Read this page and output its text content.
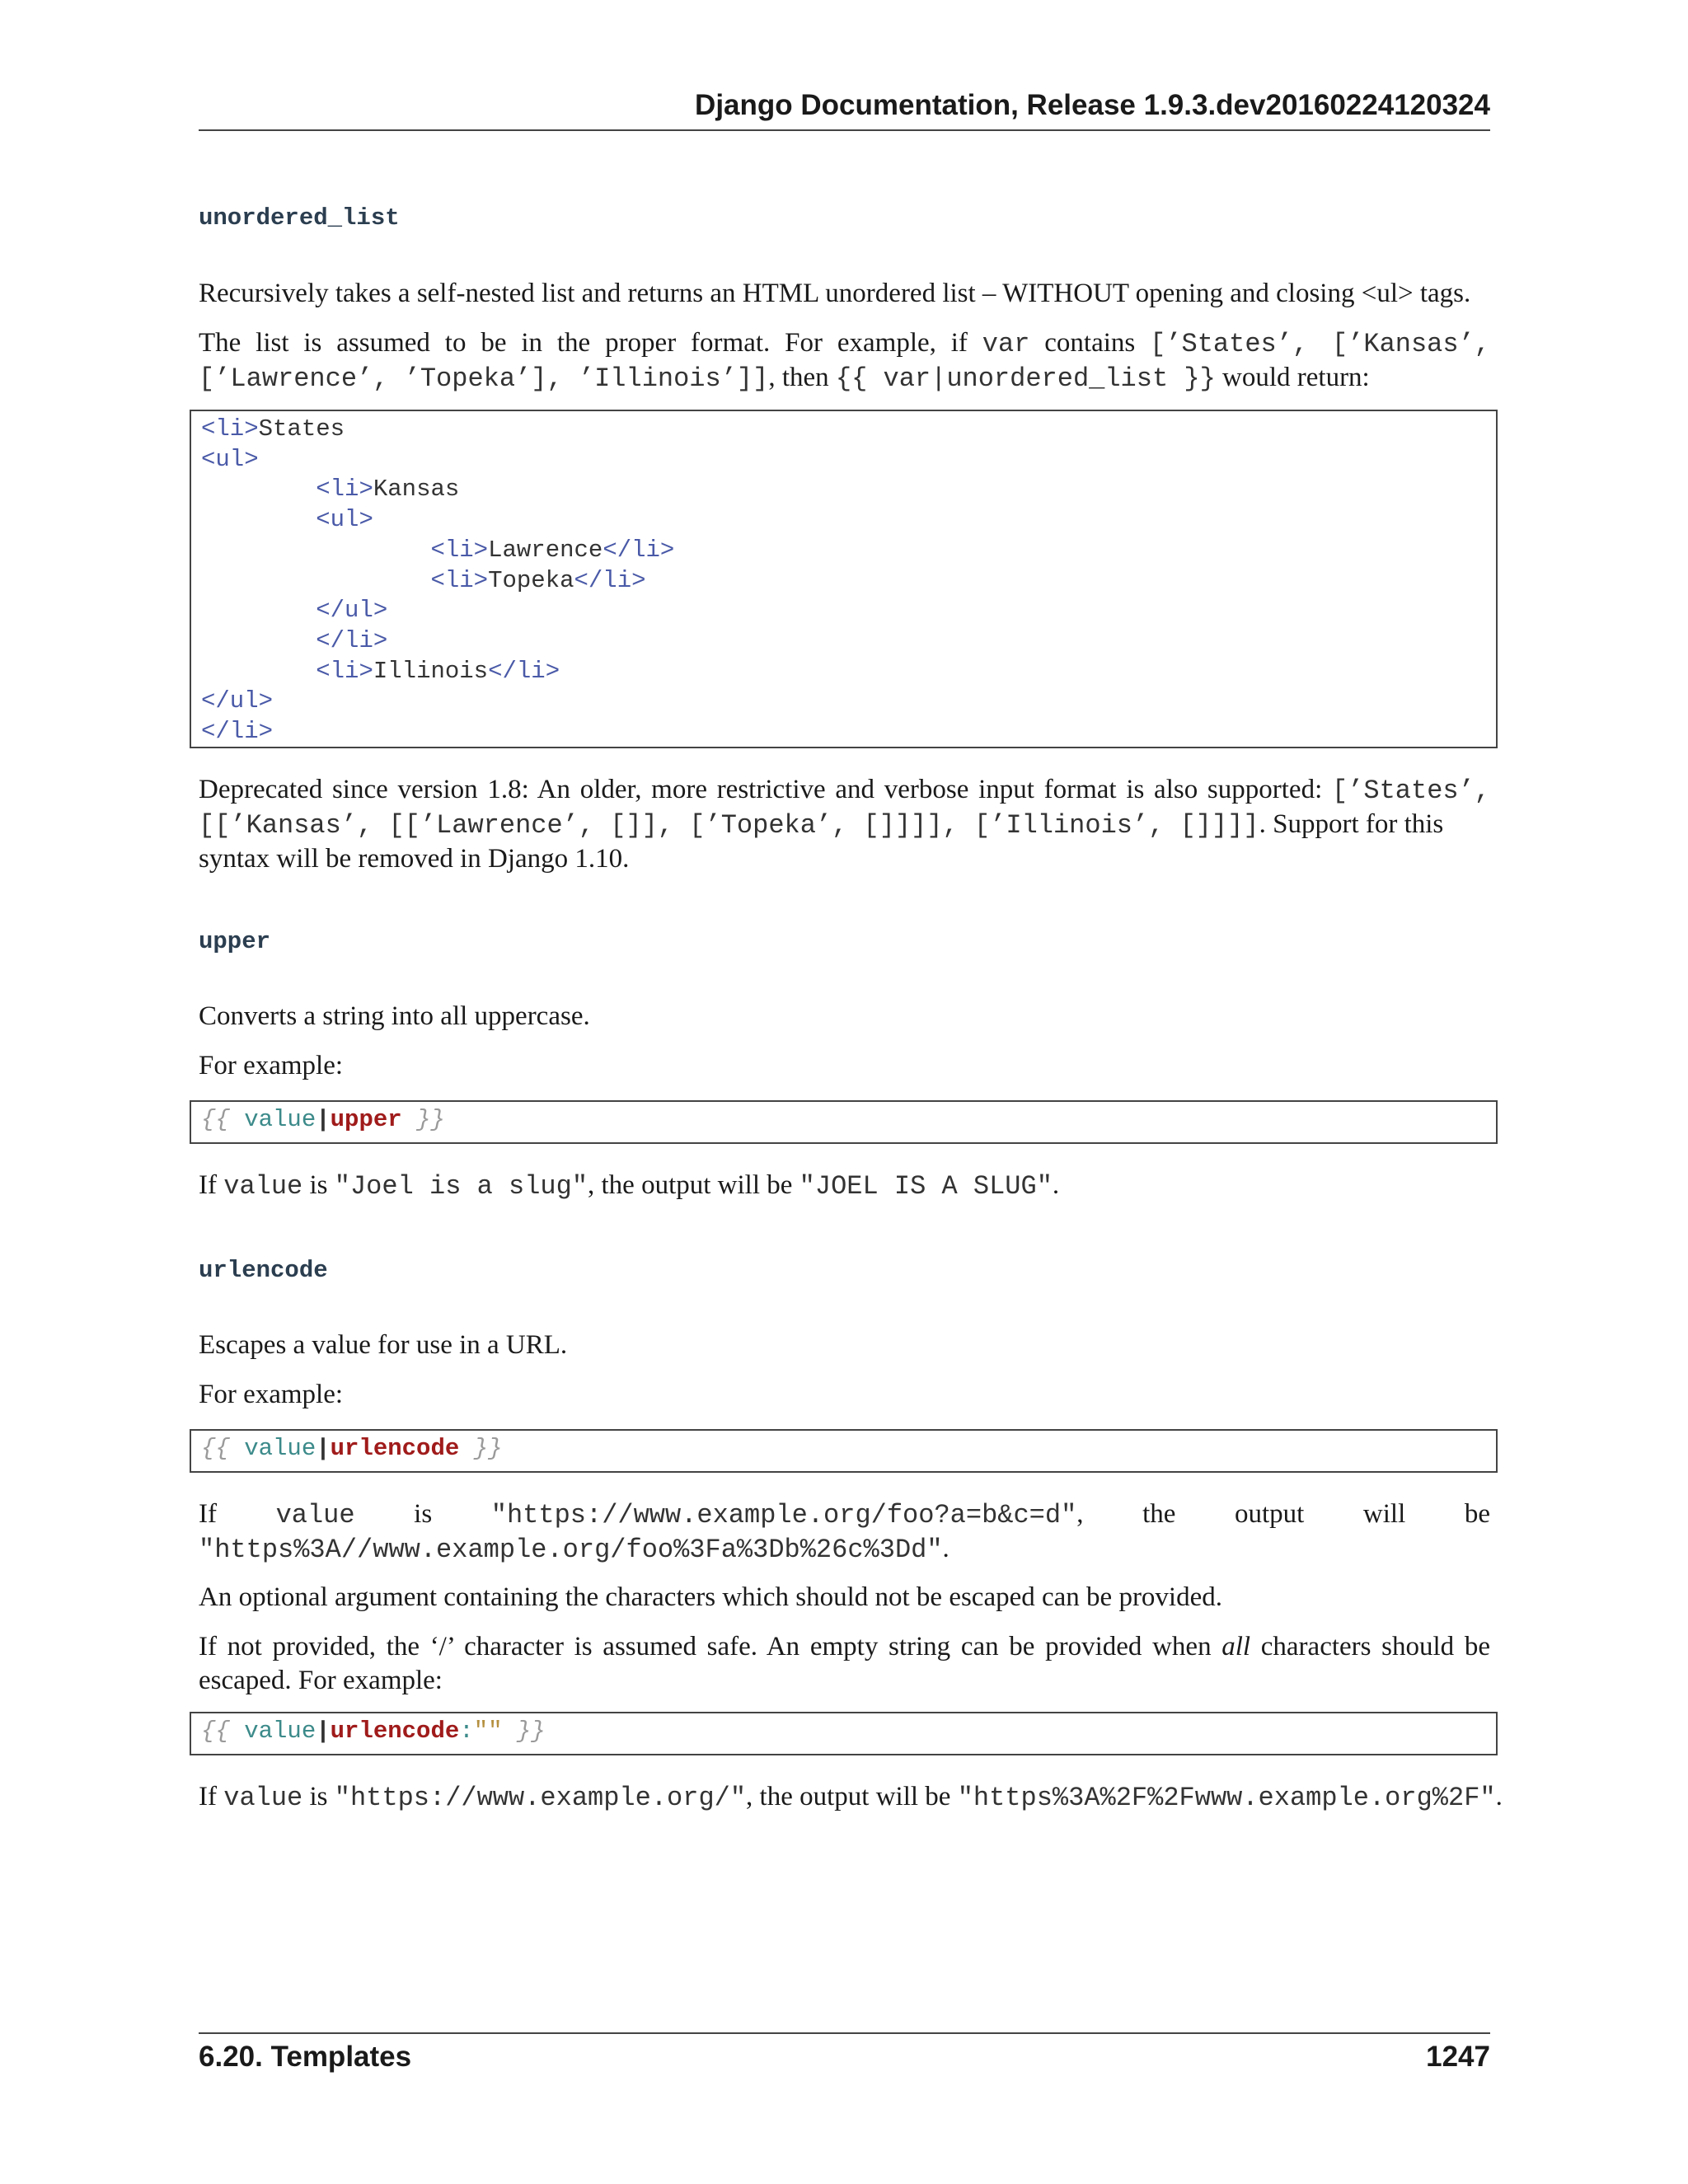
Django Documentation, Release 1.9.3.dev20160224120324
unordered_list
Recursively takes a self-nested list and returns an HTML unordered list – WITHOUT opening and closing <ul> tags.
The list is assumed to be in the proper format. For example, if var contains [’States’, [’Kansas’,
[’Lawrence’, ’Topeka’], ’Illinois’]], then {{ var|unordered_list }} would return:
<li>States
<ul>
<li>Kansas
<ul>
<li>Lawrence</li>
<li>Topeka</li>
</ul>
</li>
<li>Illinois</li>
</ul>
</li>
Deprecated since version 1.8: An older, more restrictive and verbose input format is also supported: [’States’,
[[’Kansas’, [[’Lawrence’, []], [’Topeka’, []]]], [’Illinois’, []]]]. Support for this
syntax will be removed in Django 1.10.
upper
Converts a string into all uppercase.
For example:
{{ value|upper }}
If value is "Joel is a slug", the output will be "JOEL IS A SLUG".
urlencode
Escapes a value for use in a URL.
For example:
{{ value|urlencode }}
If value is "https://www.example.org/foo?a=b&c=d", the output will be
"https%3A//www.example.org/foo%3Fa%3Db%26c%3Dd".
An optional argument containing the characters which should not be escaped can be provided.
If not provided, the ‘/’ character is assumed safe. An empty string can be provided when all characters should be escaped. For example:
{{ value|urlencode:"" }}
If value is "https://www.example.org/", the output will be "https%3A%2F%2Fwww.example.org%2F".
6.20. Templates	1247
